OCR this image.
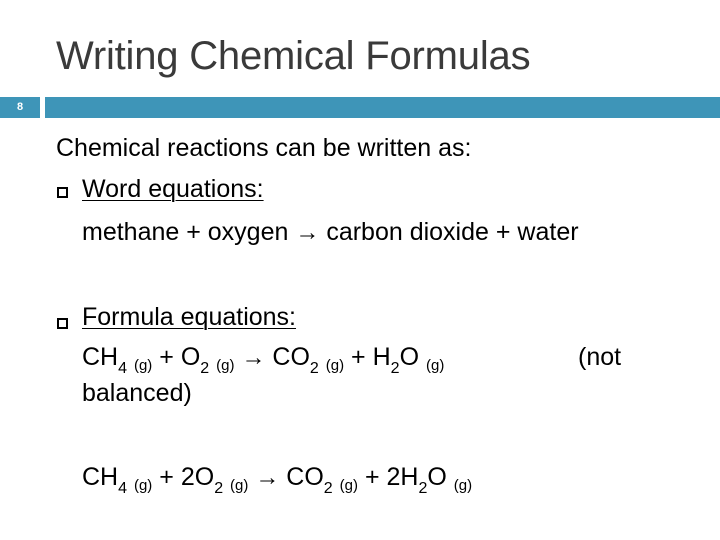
Writing Chemical Formulas
8
Chemical reactions can be written as:
Word equations:
methane + oxygen → carbon dioxide + water
Formula equations:
$CH_4$ $_{(g)} + O_2$ $_{(g)} \to CO_2$ $_{(g)} + H_2O$ $_{(g)}$	(not
balanced)
$CH_4$ $_{(g)} + 2O_2$ $_{(g)} \to CO_2$ $_{(g)} + 2H_2O$ $_{(g)}$
